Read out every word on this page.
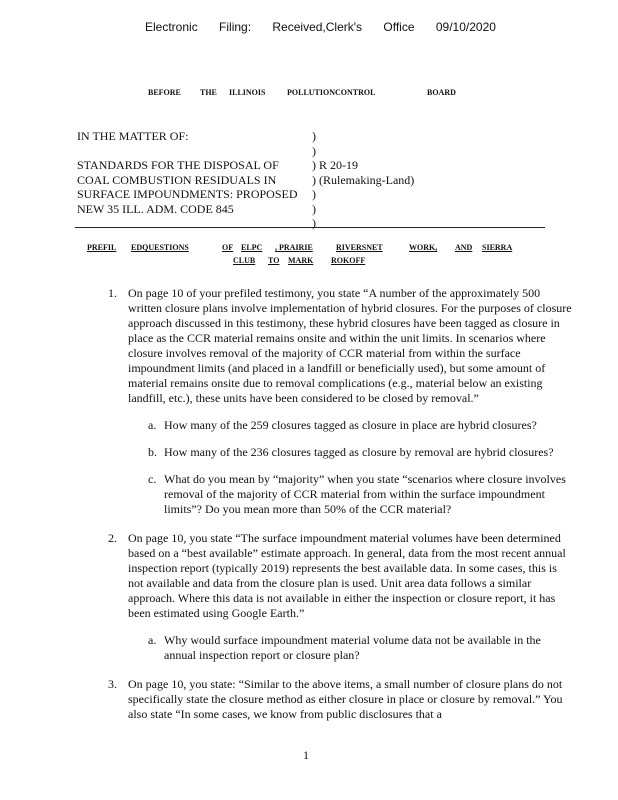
Electronic Filing: Received,Clerk's Office 09/10/2020
BEFORE THE ILLINOIS	POLLUTIONCONTROL	BOARD
IN THE MATTER OF:

STANDARDS FOR THE DISPOSAL OF
COAL COMBUSTION RESIDUALS IN
SURFACE IMPOUNDMENTS: PROPOSED
NEW 35 ILL. ADM. CODE 845

)
)
) R 20-19
) (Rulemaking-Land)
)
)
)
PREFIL EDQUESTIONS	OF ELPC , PRAIRIE	RIVERSNET	WORK, AND SIERRA
CLUB TO MARK ROKOFF
1. On page 10 of your prefiled testimony, you state “A number of the approximately 500 written closure plans involve implementation of hybrid closures. For the purposes of closure approach discussed in this testimony, these hybrid closures have been tagged as closure in place as the CCR material remains onsite and within the unit limits. In scenarios where closure involves removal of the majority of CCR material from within the surface impoundment limits (and placed in a landfill or beneficially used), but some amount of material remains onsite due to removal complications (e.g., material below an existing landfill, etc.), these units have been considered to be closed by removal.”
a. How many of the 259 closures tagged as closure in place are hybrid closures?
b. How many of the 236 closures tagged as closure by removal are hybrid closures?
c. What do you mean by “majority” when you state “scenarios where closure involves removal of the majority of CCR material from within the surface impoundment limits”? Do you mean more than 50% of the CCR material?
2. On page 10, you state “The surface impoundment material volumes have been determined based on a “best available” estimate approach. In general, data from the most recent annual inspection report (typically 2019) represents the best available data. In some cases, this is not available and data from the closure plan is used. Unit area data follows a similar approach. Where this data is not available in either the inspection or closure report, it has been estimated using Google Earth.”
a. Why would surface impoundment material volume data not be available in the annual inspection report or closure plan?
3. On page 10, you state: “Similar to the above items, a small number of closure plans do not specifically state the closure method as either closure in place or closure by removal.” You also state “In some cases, we know from public disclosures that a
1
